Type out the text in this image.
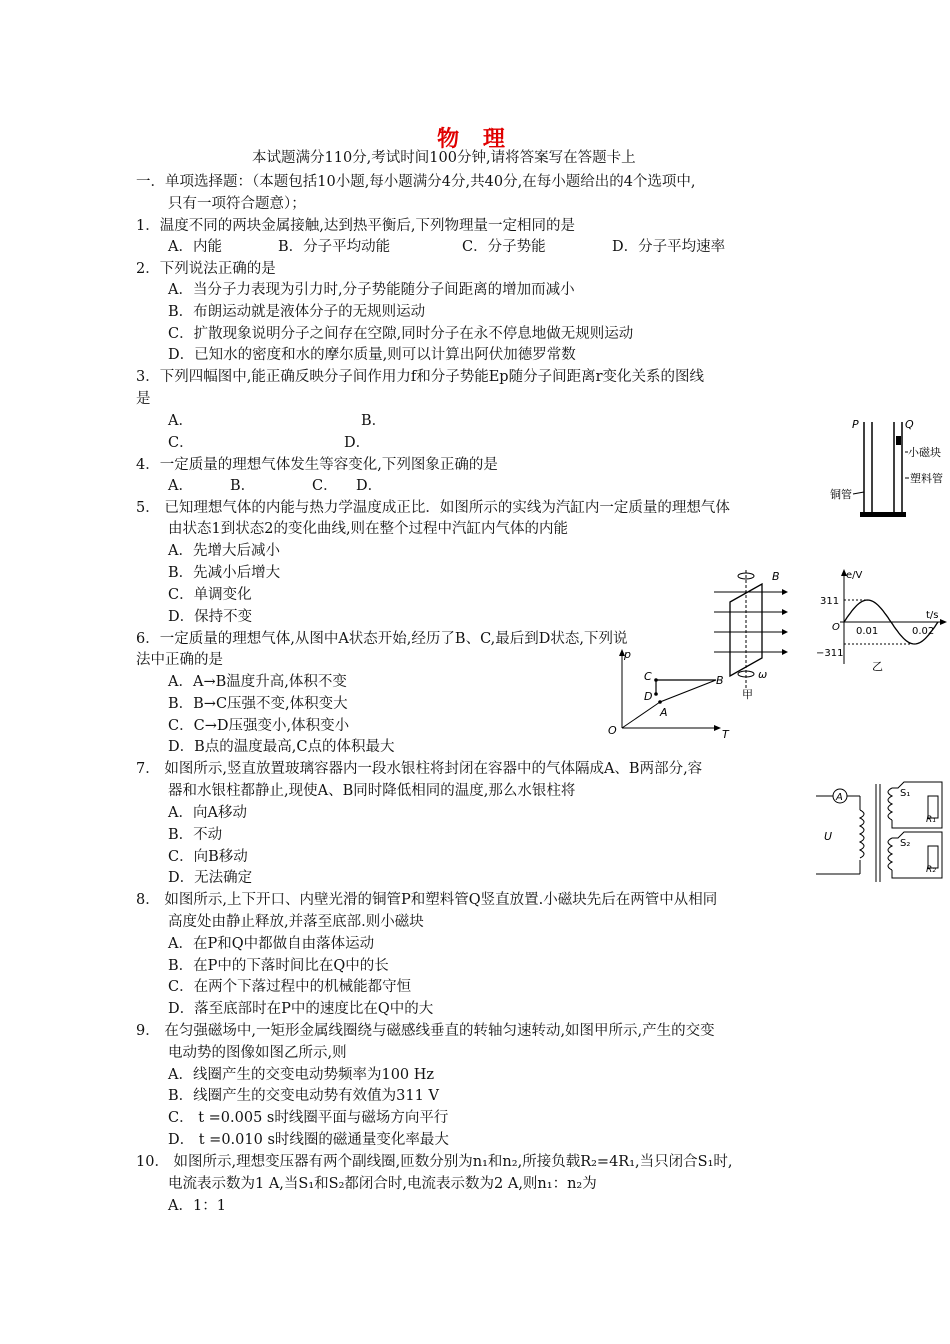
物 理
本试题满分110分,考试时间100分钟,请将答案写在答题卡上
一．单项选择题：（本题包括10小题,每小题满分4分,共40分,在每小题给出的4个选项中,
只有一项符合题意）；
1．温度不同的两块金属接触,达到热平衡后,下列物理量一定相同的是
A．内能	B．分子平均动能	C．分子势能	D．分子平均速率
2．下列说法正确的是
A．当分子力表现为引力时,分子势能随分子间距离的增加而减小
B．布朗运动就是液体分子的无规则运动
C．扩散现象说明分子之间存在空隙,同时分子在永不停息地做无规则运动
D．已知水的密度和水的摩尔质量,则可以计算出阿伏加德罗常数
3．下列四幅图中,能正确反映分子间作用力f和分子势能Ep随分子间距离r变化关系的图线
是
A．	B．
C．	D．
4．一定质量的理想气体发生等容变化,下列图象正确的是
A．	B．	C． D．
5． 已知理想气体的内能与热力学温度成正比．如图所示的实线为汽缸内一定质量的理想气体
由状态1到状态2的变化曲线,则在整个过程中汽缸内气体的内能
A．先增大后减小
B．先减小后增大
C．单调变化
D．保持不变
6．一定质量的理想气体,从图中A状态开始,经历了B、C,最后到D状态,下列说
法中正确的是
A．A→B温度升高,体积不变
B．B→C压强不变,体积变大
C．C→D压强变小,体积变小
D．B点的温度最高,C点的体积最大
7． 如图所示,竖直放置玻璃容器内一段水银柱将封闭在容器中的气体隔成A、B两部分,容
器和水银柱都静止,现使A、B同时降低相同的温度,那么水银柱将
A．向A移动
B．不动
C．向B移动
D．无法确定
8． 如图所示,上下开口、内壁光滑的铜管P和塑料管Q竖直放置.小磁块先后在两管中从相同
高度处由静止释放,并落至底部.则小磁块
A．在P和Q中都做自由落体运动
B．在P中的下落时间比在Q中的长
C．在两个下落过程中的机械能都守恒
D．落至底部时在P中的速度比在Q中的大
9． 在匀强磁场中,一矩形金属线圈绕与磁感线垂直的转轴匀速转动,如图甲所示,产生的交变
电动势的图像如图乙所示,则
A．线圈产生的交变电动势频率为100 Hz
B．线圈产生的交变电动势有效值为311 V
C． t =0.005 s时线圈平面与磁场方向平行
D． t =0.010 s时线圈的磁通量变化率最大
10． 如图所示,理想变压器有两个副线圈,匝数分别为n₁和n₂,所接负载R₂=4R₁,当只闭合S₁时,
电流表示数为1 A,当S₁和S₂都闭合时,电流表示数为2 A,则n₁：n₂为
A．1：1
P	Q
小磁块
塑料管
铜管
B
ω
甲
e/V
t/s
311
−311
O 0.01	0.02
乙
p
T
O
A
B
C
D
A
U
S₁
S₂
R₁
R₂
